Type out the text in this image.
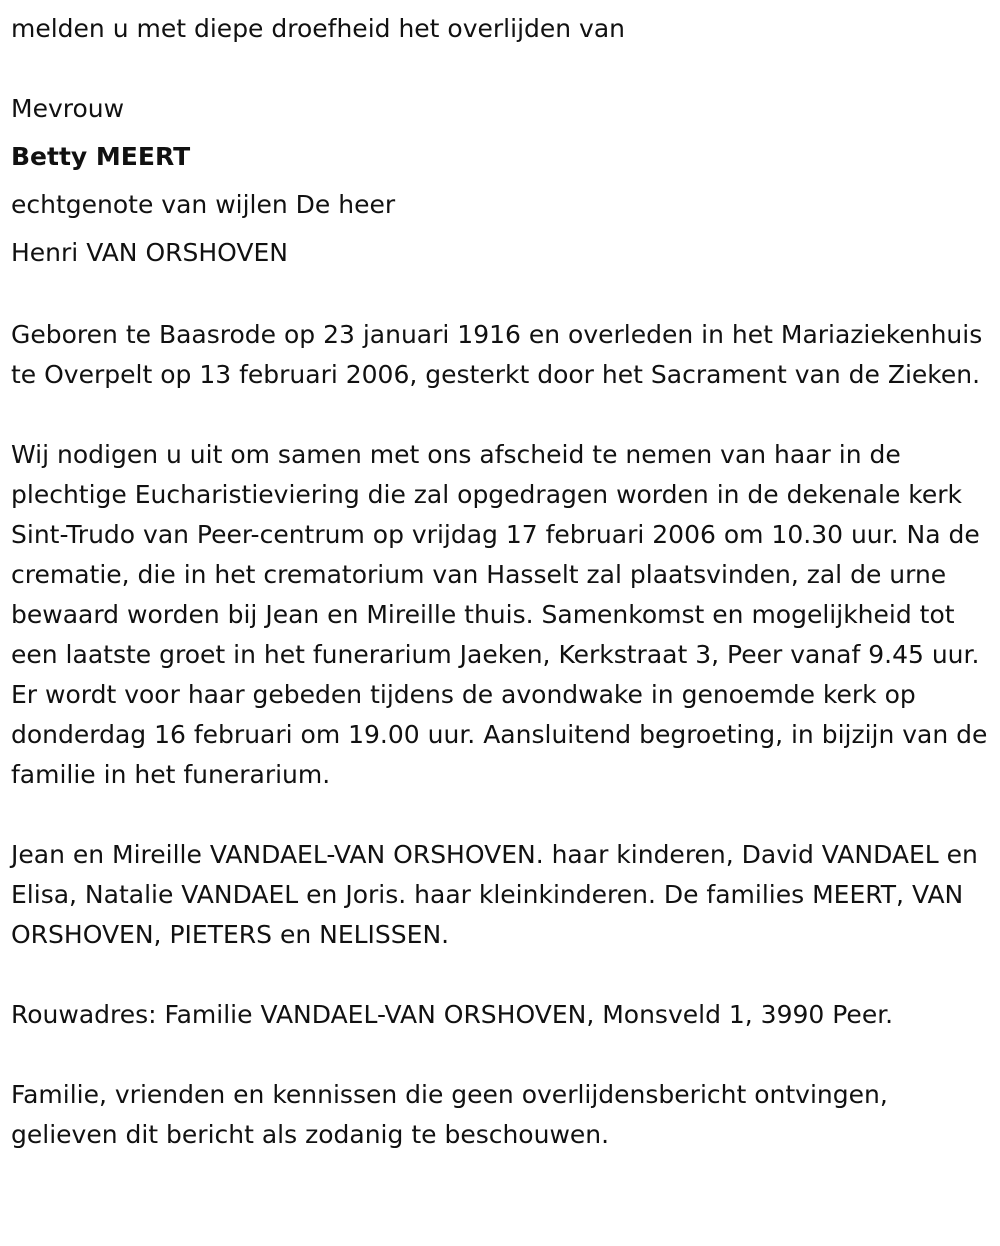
melden u met diepe droefheid het overlijden van

Mevrouw

Betty MEERT

echtgenote van wijlen De heer

Henri VAN ORSHOVEN

Geboren te Baasrode op 23 januari 1916 en overleden in het Mariaziekenhuis te Overpelt op 13 februari 2006, gesterkt door het Sacrament van de Zieken.

Wij nodigen u uit om samen met ons afscheid te nemen van haar in de plechtige Eucharistieviering die zal opgedragen worden in de dekenale kerk Sint-Trudo van Peer-centrum op vrijdag 17 februari 2006 om 10.30 uur. Na de crematie, die in het crematorium van Hasselt zal plaatsvinden, zal de urne bewaard worden bij Jean en Mireille thuis. Samenkomst en mogelijkheid tot een laatste groet in het funerarium Jaeken, Kerkstraat 3, Peer vanaf 9.45 uur. Er wordt voor haar gebeden tijdens de avondwake in genoemde kerk op donderdag 16 februari om 19.00 uur. Aansluitend begroeting, in bijzijn van de familie in het funerarium.

Jean en Mireille VANDAEL-VAN ORSHOVEN. haar kinderen, David VANDAEL en Elisa, Natalie VANDAEL en Joris. haar kleinkinderen. De families MEERT, VAN ORSHOVEN, PIETERS en NELISSEN.

Rouwadres: Familie VANDAEL-VAN ORSHOVEN, Monsveld 1, 3990 Peer.

Familie, vrienden en kennissen die geen overlijdensbericht ontvingen, gelieven dit bericht als zodanig te beschouwen.
